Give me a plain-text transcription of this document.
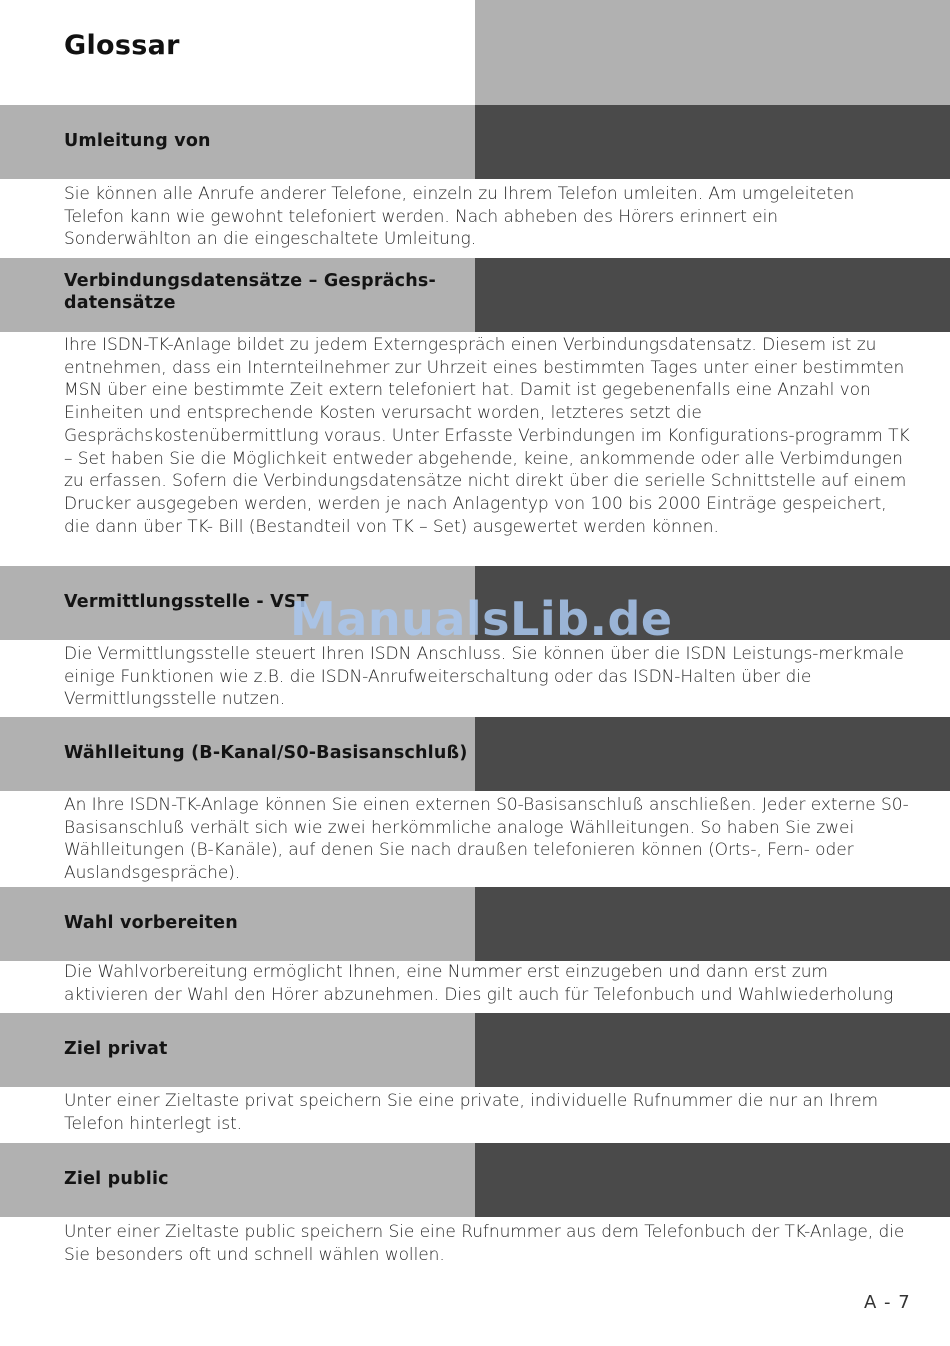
Glossar
Umleitung von

Sie können alle Anrufe anderer Telefone, einzeln zu Ihrem Telefon umleiten. Am umgeleiteten Telefon kann wie gewohnt telefoniert werden. Nach abheben des Hörers erinnert ein Sonderwählton an die eingeschaltete Umleitung.

Verbindungsdatensätze – Gesprächs-datensätze

Ihre ISDN-TK-Anlage bildet zu jedem Externgespräch einen Verbindungsdatensatz. Diesem ist zu entnehmen, dass ein Internteilnehmer zur Uhrzeit eines bestimmten Tages unter einer bestimmten MSN über eine bestimmte Zeit extern telefoniert hat. Damit ist gegebenenfalls eine Anzahl von Einheiten und entsprechende Kosten verursacht worden, letzteres setzt die Gesprächskostenübermittlung voraus. Unter Erfasste Verbindungen im Konfigurations-programm TK – Set haben Sie die Möglichkeit entweder abgehende, keine, ankommende oder alle Verbimdungen zu erfassen. Sofern die Verbindungsdatensätze nicht direkt über die serielle Schnittstelle auf einem Drucker ausgegeben werden, werden je nach Anlagentyp von 100 bis 2000 Einträge gespeichert, die dann über TK- Bill (Bestandteil von TK – Set) ausgewertet werden können.

Vermittlungsstelle - VST

Die Vermittlungsstelle steuert Ihren ISDN Anschluss. Sie können über die ISDN Leistungs-merkmale einige Funktionen wie z.B. die ISDN-Anrufweiterschaltung oder das ISDN-Halten über die Vermittlungsstelle nutzen.

Wählleitung (B-Kanal/S0-Basisanschluß)

An Ihre ISDN-TK-Anlage können Sie einen externen S0-Basisanschluß anschließen. Jeder externe S0-Basisanschluß verhält sich wie zwei herkömmliche analoge Wählleitungen. So haben Sie zwei Wählleitungen (B-Kanäle), auf denen Sie nach draußen telefonieren können (Orts-, Fern- oder Auslandsgespräche).

Wahl vorbereiten

Die Wahlvorbereitung ermöglicht Ihnen, eine Nummer erst einzugeben und dann erst zum aktivieren der Wahl den Hörer abzunehmen. Dies gilt auch für Telefonbuch und Wahlwiederholung

Ziel privat

Unter einer Zieltaste privat speichern Sie eine private, individuelle Rufnummer die nur an Ihrem Telefon hinterlegt ist.

Ziel public

Unter einer Zieltaste public speichern Sie eine Rufnummer aus dem Telefonbuch der TK-Anlage, die Sie besonders oft und schnell wählen wollen.

ManualsLib.de
A - 7
